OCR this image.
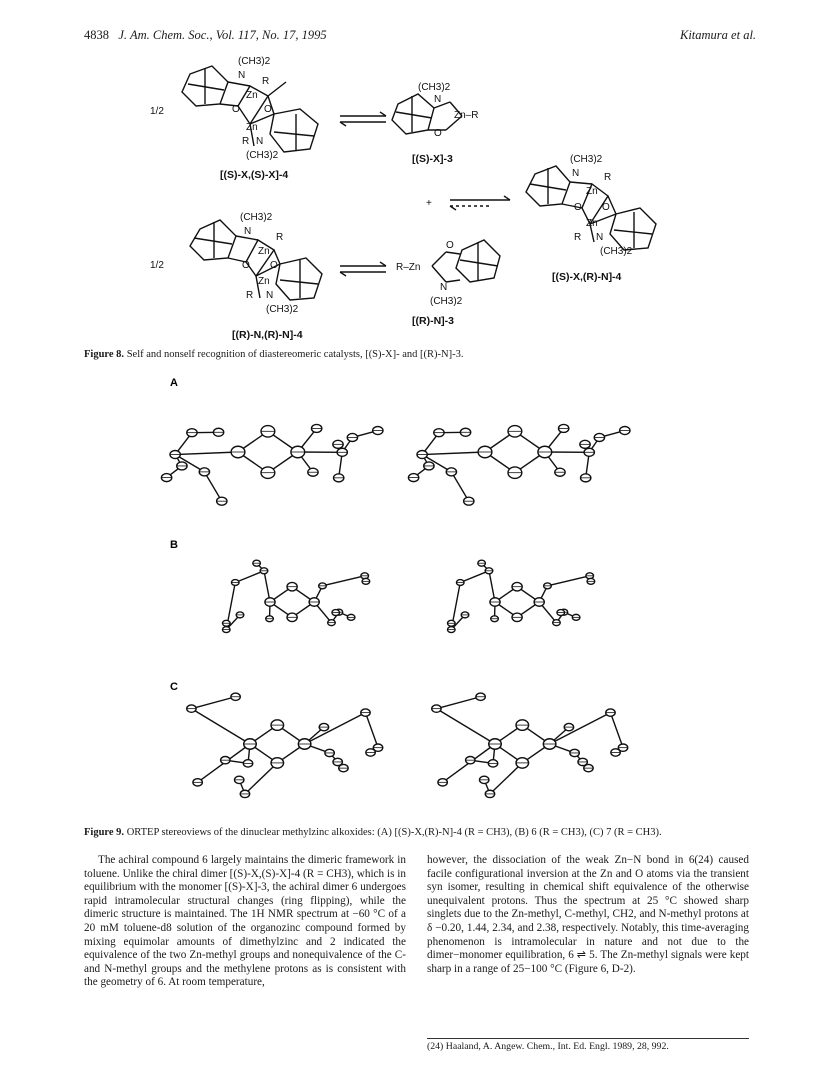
4838 J. Am. Chem. Soc., Vol. 117, No. 17, 1995	Kitamura et al.
(CH3)2
N
R
Zn
O O
Zn
R N
(CH3)2
1/2
(CH3)2
N
Zn–R
O
(CH3)2
N R
Zn
O O
Zn
R N
(CH3)2
+
(CH3)2
N
R
Zn
O O
Zn
R N
(CH3)2
1/2
O
R–Zn
N
(CH3)2
[(S)-X,(S)-X]-4
[(S)-X]-3
[(S)-X,(R)-N]-4
[(R)-N]-3
[(R)-N,(R)-N]-4
Figure 8. Self and nonself recognition of diastereomeric catalysts, [(S)-X]- and [(R)-N]-3.
A
B
C
Figure 9. ORTEP stereoviews of the dinuclear methylzinc alkoxides: (A) [(S)-X,(R)-N]-4 (R = CH3), (B) 6 (R = CH3), (C) 7 (R = CH3).

The achiral compound 6 largely maintains the dimeric framework in toluene. Unlike the chiral dimer [(S)-X,(S)-X]-4 (R = CH3), which is in equilibrium with the monomer [(S)-X]-3, the achiral dimer 6 undergoes rapid intramolecular structural changes (ring flipping), while the dimeric structure is maintained. The 1H NMR spectrum at −60 °C of a 20 mM toluene-d8 solution of the organozinc compound formed by mixing equimolar amounts of dimethylzinc and 2 indicated the equivalence of the two Zn-methyl groups and nonequivalence of the C- and N-methyl groups and the methylene protons as is consistent with the geometry of 6. At room temperature,

however, the dissociation of the weak Zn−N bond in 6(24) caused facile configurational inversion at the Zn and O atoms via the transient syn isomer, resulting in chemical shift equivalence of the otherwise unequivalent protons. Thus the spectrum at 25 °C showed sharp singlets due to the Zn-methyl, C-methyl, CH2, and N-methyl protons at δ −0.20, 1.44, 2.34, and 2.38, respectively. Notably, this time-averaging phenomenon is intramolecular in nature and not due to the dimer−monomer equilibration, 6 ⇌ 5. The Zn-methyl signals were kept sharp in a range of 25−100 °C (Figure 6, D-2).

(24) Haaland, A. Angew. Chem., Int. Ed. Engl. 1989, 28, 992.
